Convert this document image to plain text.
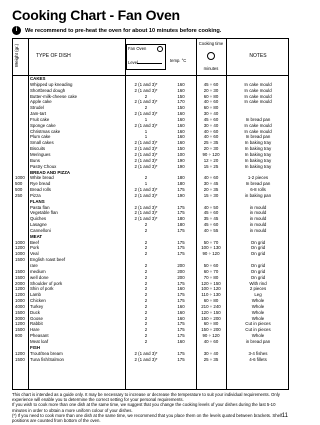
Cooking Chart - Fan Oven
i	We recommend to pre-heat the oven for about 10 minutes before cooking.
Weight (gr.)	TYPE OF DISH
Fan Oven
Level	temp. °C
Cooking time
minutes
NOTES
CAKES
Whipped up kneading	2 (1 and 3)*	160	45 ÷ 60	In cake mould
Shortbread dough	2 (1 and 3)*	160	20 ÷ 30	In cake mould
Butter-milk-cheese cake	2	150	60 ÷ 80	In cake mould
Apple cake	2 (1 and 3)*	170	40 ÷ 60	In cake mould
Strudel	2	150	60 ÷ 80
Jam-tart	2 (1 and 3)*	160	30 ÷ 40
Fruit cake	1	160	45 ÷ 60	In bread pan
Sponge cake	2 (1 and 3)*	160	30 ÷ 40	In cake mould
Christmas cake	1	160	40 ÷ 60	In cake mould
Plum cake	1	160	40 ÷ 60	In bread pan
Small cakes	2 (1 and 3)*	160	25 ÷ 35	In baking tray
Biscuits	2 (1 and 3)*	150	20 ÷ 30	In baking tray
Meringues	2 (1 and 3)*	100	90 ÷ 120	In baking tray
Buns	2 (1 and 3)*	190	12 ÷ 20	In baking tray
Pastry Choux	2 (1 and 3)*	190	15 ÷ 25	In baking tray
BREAD AND PIZZA
1000 White bread	2	180	40 ÷ 60	1-2 pieces
500 Rye bread	1	180	30 ÷ 45	In bread pan
500 Bread rolls	2 (1 and 3)*	175	20 ÷ 35	6-8 rolls
250 Pizza	2 (1 and 3)*	190	15 ÷ 30	in baking pan
FLANS
Pasta flan	2 (1 and 3)*	175	40 ÷ 50	in mould
Vegetable flan	2 (1 and 3)*	175	45 ÷ 60	in mould
Quiches	2 (1 and 3)*	180	35 ÷ 45	in mould
Lasagne	2	180	45 ÷ 60	in mould
Cannelloni	2	175	40 ÷ 55	in mould
MEAT
1000 Beef	2	175	50 ÷ 70	On grid
1200 Pork	2	175	100 ÷ 130	On grid
1000 Veal	2	175	90 ÷ 120	On grid
1500 English roast beef
rare	2	200	50 ÷ 60	On grid
1500 medium	2	200	60 ÷ 70	On grid
1500 well done	2	200	70 ÷ 80	On grid
2000 Shoulder of pork	2	175	120 ÷ 150	With rind
1200 Shin of pork	2	160	100 ÷ 120	2 pieces
1200 Lamb	2	175	110 ÷ 130	Leg
1000 Chicken	2	175	60 ÷ 80	Whole
4000 Turkey	2	160	210 ÷ 240	Whole
1500 Duck	2	160	120 ÷ 150	Whole
3000 Goose	2	160	150 ÷ 200	Whole
1200 Rabbit	2	175	60 ÷ 80	Cut in pieces
1500 Hare	2	175	150 ÷ 200	Cut in pieces
800 Pheasant	2	175	90 ÷ 120	Whole
Meat loaf	2	160	40 ÷ 60	in bread pan
FISH
1200 Trout/Sea bream	2 (1 and 3)*	175	30 ÷ 40	3-4 fishes
1500 Tuna fish/Salmon	2 (1 and 3)*	175	25 ÷ 35	4-6 fillets
This chart is intended as a guide only. It may be necessary to increase or decrease the temperature to suit your individual requirements. Only experience will enable you to determine the correct setting for your personal requirements.
If you wish to cook more than one dish at the same time, we suggest that you change the cooking levels of your dishes during the last 5-10 minutes in order to obtain a more uniform colour of your dishes.
(*) If you need to cook more than one dish at the same time, we recommend that you place them on the levels quoted between brackets. Shelf positions are counted from bottom of the oven.
11
